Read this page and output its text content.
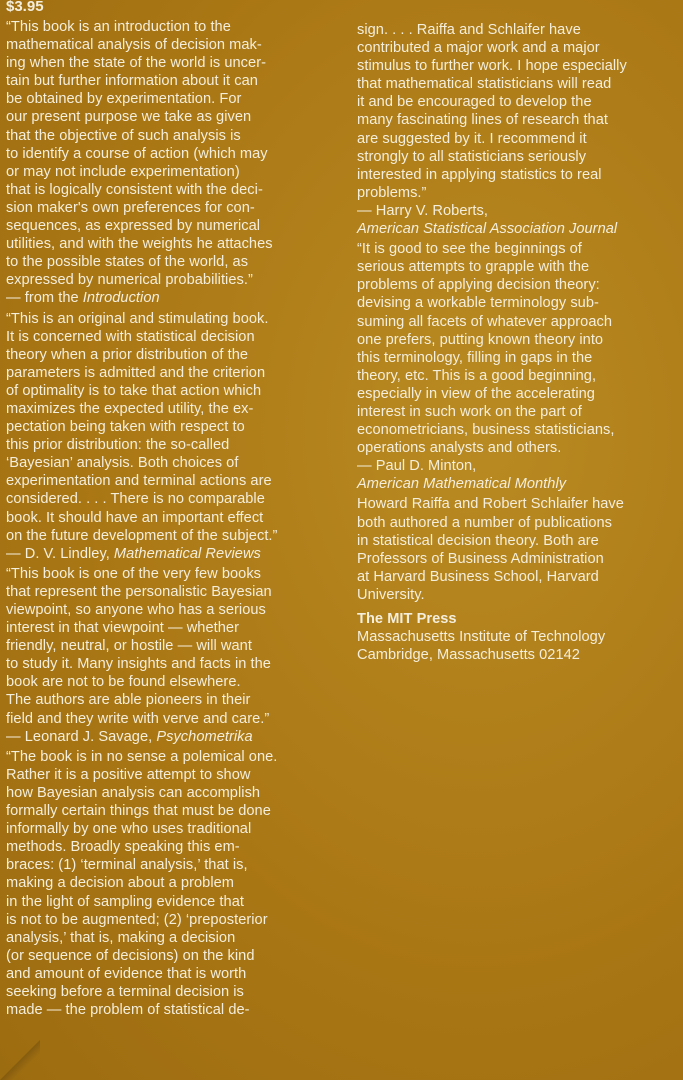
$3.95
“This book is an introduction to the
mathematical analysis of decision mak-
ing when the state of the world is uncer-
tain but further information about it can
be obtained by experimentation. For
our present purpose we take as given
that the objective of such analysis is
to identify a course of action (which may
or may not include experimentation)
that is logically consistent with the deci-
sion maker's own preferences for con-
sequences, as expressed by numerical
utilities, and with the weights he attaches
to the possible states of the world, as
expressed by numerical probabilities.”
— from the Introduction
“This is an original and stimulating book.
It is concerned with statistical decision
theory when a prior distribution of the
parameters is admitted and the criterion
of optimality is to take that action which
maximizes the expected utility, the ex-
pectation being taken with respect to
this prior distribution: the so-called
‘Bayesian’ analysis. Both choices of
experimentation and terminal actions are
considered. . . . There is no comparable
book. It should have an important effect
on the future development of the subject.”
— D. V. Lindley, Mathematical Reviews
“This book is one of the very few books
that represent the personalistic Bayesian
viewpoint, so anyone who has a serious
interest in that viewpoint — whether
friendly, neutral, or hostile — will want
to study it. Many insights and facts in the
book are not to be found elsewhere.
The authors are able pioneers in their
field and they write with verve and care.”
— Leonard J. Savage, Psychometrika
“The book is in no sense a polemical one.
Rather it is a positive attempt to show
how Bayesian analysis can accomplish
formally certain things that must be done
informally by one who uses traditional
methods. Broadly speaking this em-
braces: (1) ‘terminal analysis,’ that is,
making a decision about a problem
in the light of sampling evidence that
is not to be augmented; (2) ‘preposterior
analysis,’ that is, making a decision
(or sequence of decisions) on the kind
and amount of evidence that is worth
seeking before a terminal decision is
made — the problem of statistical de-
sign. . . . Raiffa and Schlaifer have
contributed a major work and a major
stimulus to further work. I hope especially
that mathematical statisticians will read
it and be encouraged to develop the
many fascinating lines of research that
are suggested by it. I recommend it
strongly to all statisticians seriously
interested in applying statistics to real
problems.”
— Harry V. Roberts,
American Statistical Association Journal
“It is good to see the beginnings of
serious attempts to grapple with the
problems of applying decision theory:
devising a workable terminology sub-
suming all facets of whatever approach
one prefers, putting known theory into
this terminology, filling in gaps in the
theory, etc. This is a good beginning,
especially in view of the accelerating
interest in such work on the part of
econometricians, business statisticians,
operations analysts and others.
— Paul D. Minton,
American Mathematical Monthly
Howard Raiffa and Robert Schlaifer have
both authored a number of publications
in statistical decision theory. Both are
Professors of Business Administration
at Harvard Business School, Harvard
University.
The MIT Press
Massachusetts Institute of Technology
Cambridge, Massachusetts 02142
